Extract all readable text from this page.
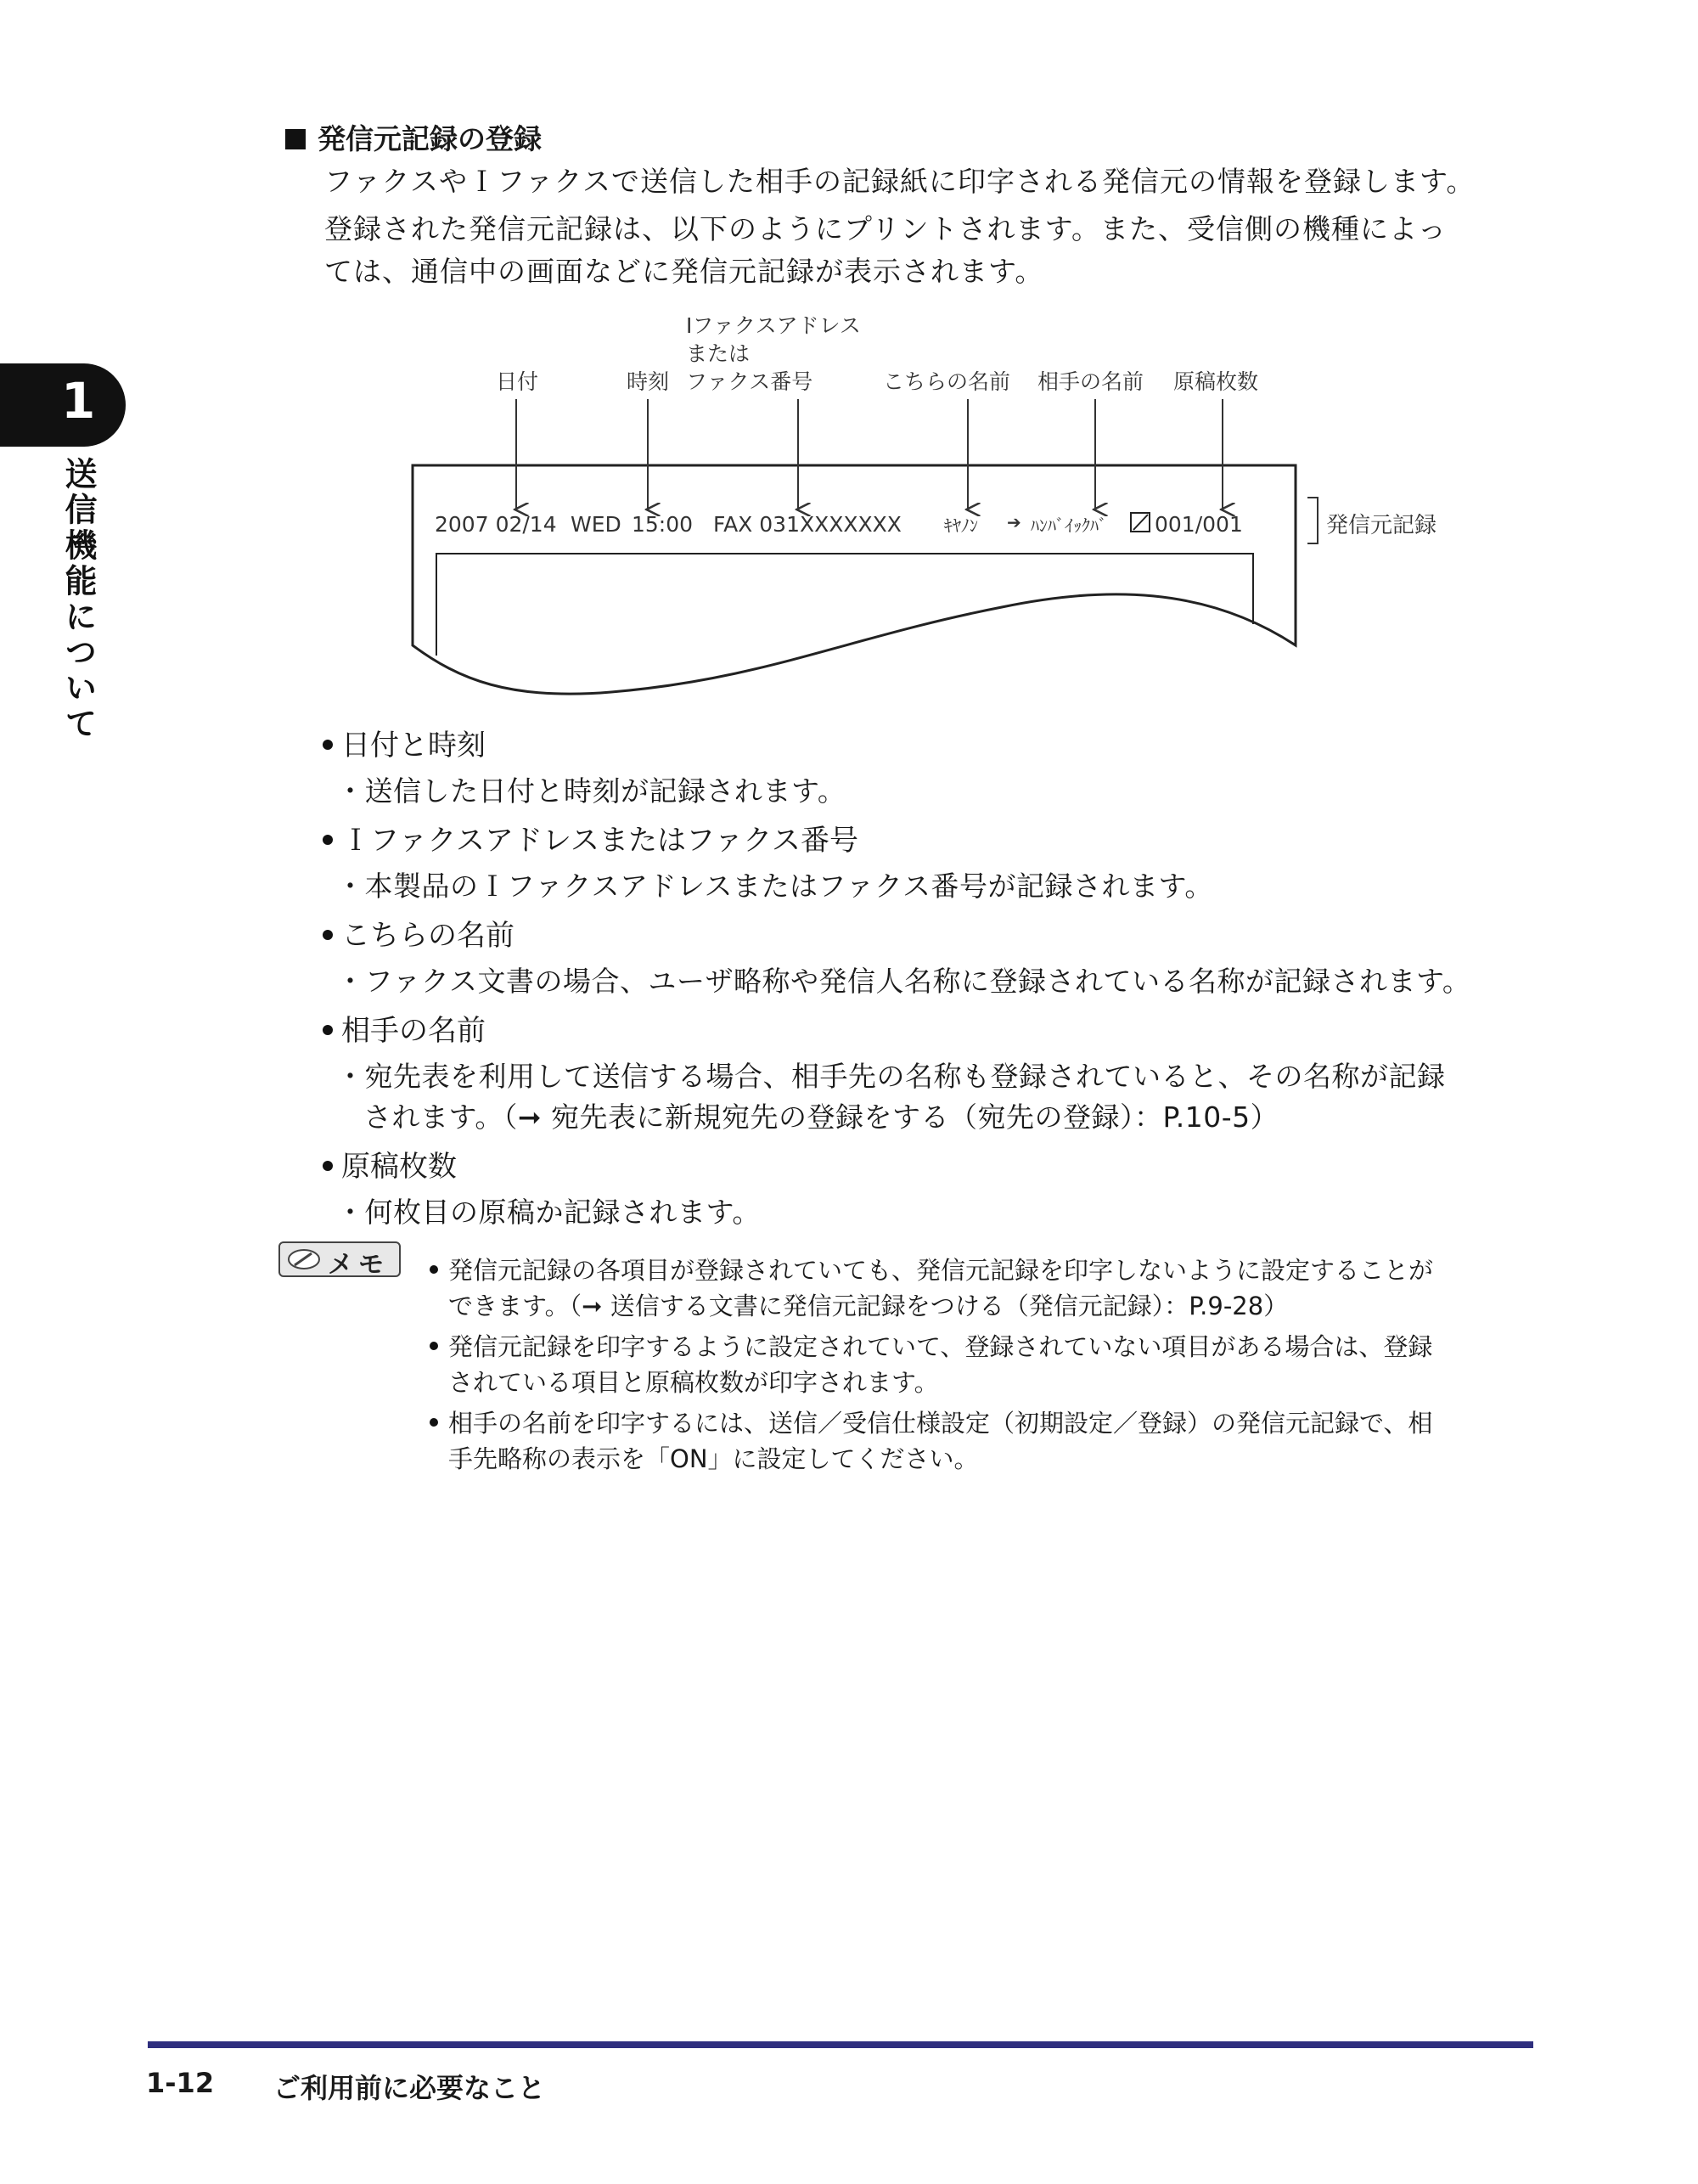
1
送信機能について
発信元記録の登録
ファクスやＩファクスで送信した相手の記録紙に印字される発信元の情報を登録します。
登録された発信元記録は、以下のようにプリントされます。また、受信側の機種によっ
ては、通信中の画面などに発信元記録が表示されます。
日付	時刻
Iファクスアドレス
または
ファクス番号	こちらの名前 相手の名前 原稿枚数
2007 02/14 WED 15:00 FAX 031XXXXXXX	ｷﾔﾉﾝ ➔ ﾊﾝﾊﾞｲｯｸﾊﾞ 001/001	発信元記録
日付と時刻
・送信した日付と時刻が記録されます。
Ｉファクスアドレスまたはファクス番号
・本製品のＩファクスアドレスまたはファクス番号が記録されます。
こちらの名前
・ファクス文書の場合、ユーザ略称や発信人名称に登録されている名称が記録されます。
相手の名前
・宛先表を利用して送信する場合、相手先の名称も登録されていると、その名称が記録
されます。（➞ 宛先表に新規宛先の登録をする（宛先の登録）：P.10-5）
原稿枚数
・何枚目の原稿か記録されます。
メモ	発信元記録の各項目が登録されていても、発信元記録を印字しないように設定することが
できます。（➞ 送信する文書に発信元記録をつける（発信元記録）：P.9-28）
発信元記録を印字するように設定されていて、登録されていない項目がある場合は、登録
されている項目と原稿枚数が印字されます。
相手の名前を印字するには、送信／受信仕様設定（初期設定／登録）の発信元記録で、相
手先略称の表示を「ON」に設定してください。
1-12 ご利用前に必要なこと
